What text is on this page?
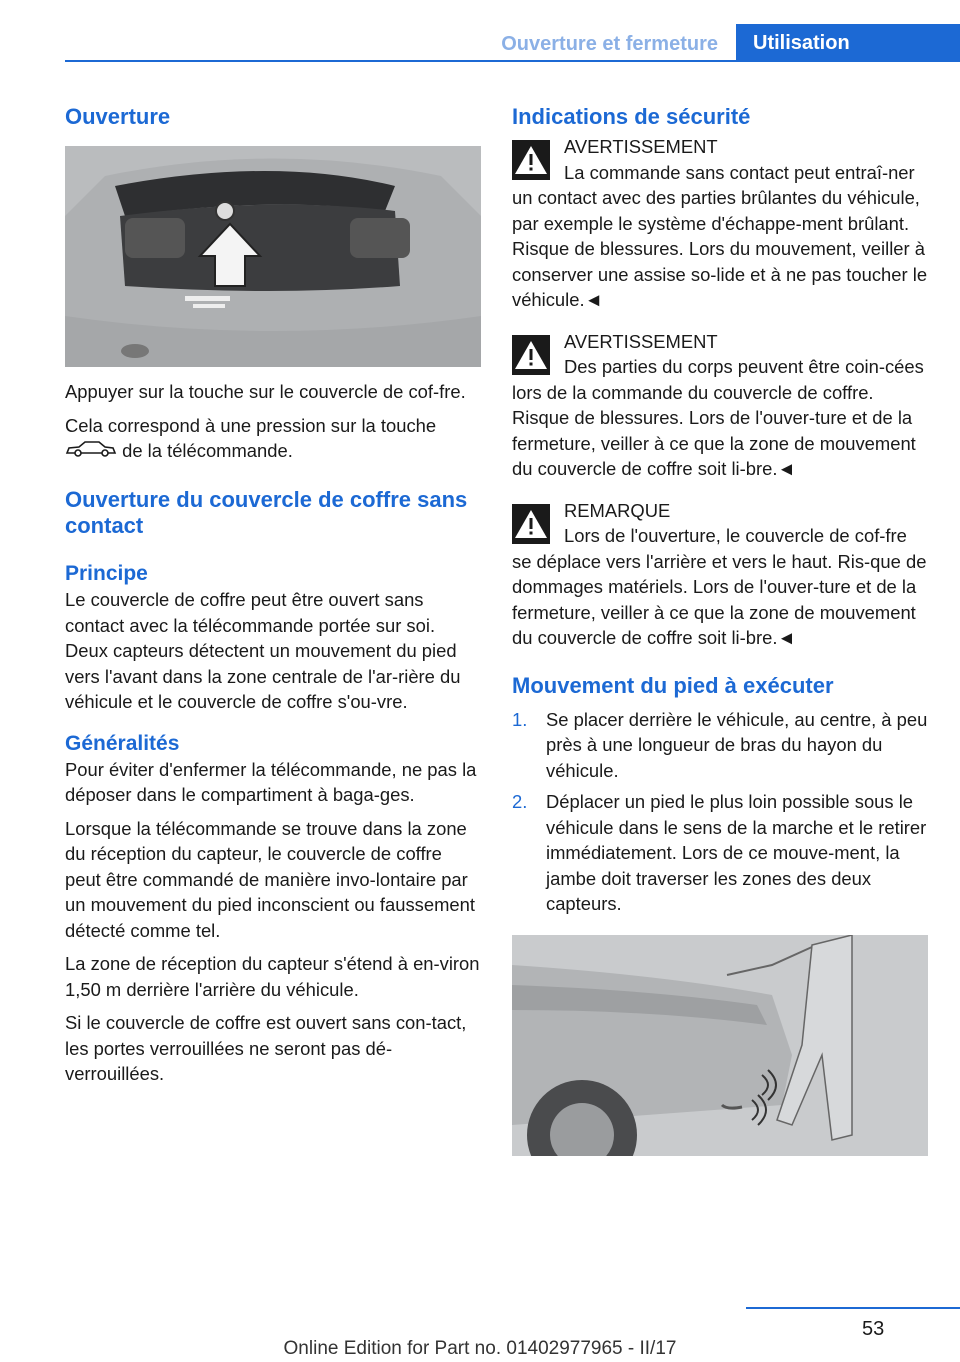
Ouverture et fermeture	Utilisation
Ouverture

Appuyer sur la touche sur le couvercle de cof-fre.

Cela correspond à une pression sur la touche
de la télécommande.

Ouverture du couvercle de coffre sans contact
Principe

Le couvercle de coffre peut être ouvert sans contact avec la télécommande portée sur soi. Deux capteurs détectent un mouvement du pied vers l'avant dans la zone centrale de l'ar-rière du véhicule et le couvercle de coffre s'ou-vre.

Généralités

Pour éviter d'enfermer la télécommande, ne pas la déposer dans le compartiment à baga-ges.

Lorsque la télécommande se trouve dans la zone du réception du capteur, le couvercle de coffre peut être commandé de manière invo-lontaire par un mouvement du pied inconscient ou faussement détecté comme tel.

La zone de réception du capteur s'étend à en-viron 1,50 m derrière l'arrière du véhicule.

Si le couvercle de coffre est ouvert sans con-tact, les portes verrouillées ne seront pas dé-verrouillées.

Indications de sécurité
AVERTISSEMENT
La commande sans contact peut entraî-ner un contact avec des parties brûlantes du véhicule, par exemple le système d'échappe-ment brûlant. Risque de blessures. Lors du mouvement, veiller à conserver une assise so-lide et à ne pas toucher le véhicule.◄
AVERTISSEMENT
Des parties du corps peuvent être coin-cées lors de la commande du couvercle de coffre. Risque de blessures. Lors de l'ouver-ture et de la fermeture, veiller à ce que la zone de mouvement du couvercle de coffre soit li-bre.◄
REMARQUE
Lors de l'ouverture, le couvercle de cof-fre se déplace vers l'arrière et vers le haut. Ris-que de dommages matériels. Lors de l'ouver-ture et de la fermeture, veiller à ce que la zone de mouvement du couvercle de coffre soit li-bre.◄
Mouvement du pied à exécuter
1. Se placer derrière le véhicule, au centre, à peu près à une longueur de bras du hayon du véhicule.
2. Déplacer un pied le plus loin possible sous le véhicule dans le sens de la marche et le retirer immédiatement. Lors de ce mouve-ment, la jambe doit traverser les zones des deux capteurs.
53
Online Edition for Part no. 01402977965 - II/17
